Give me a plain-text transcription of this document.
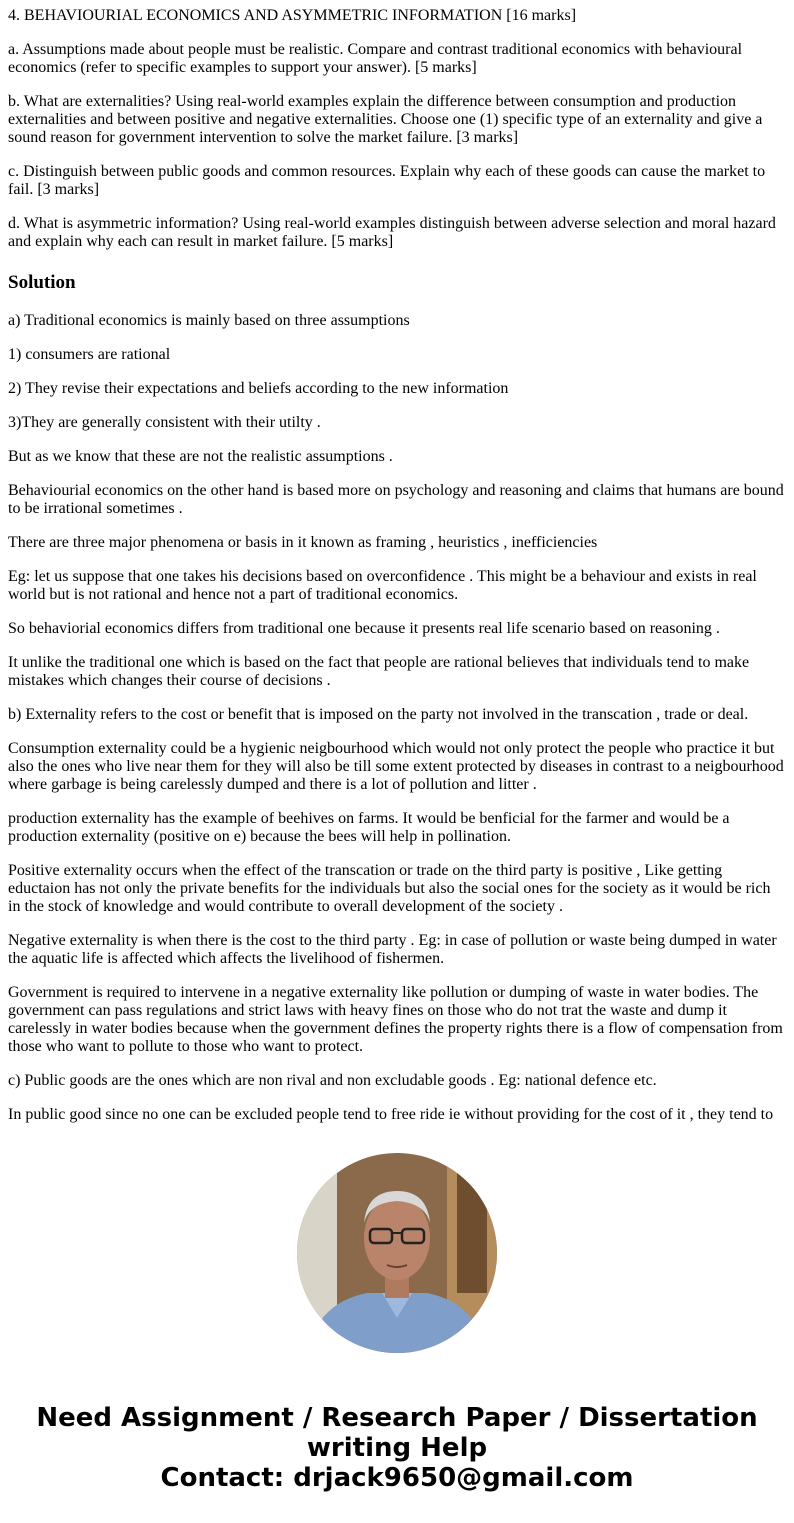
4. BEHAVIOURIAL ECONOMICS AND ASYMMETRIC INFORMATION [16 marks]

a. Assumptions made about people must be realistic. Compare and contrast traditional economics with behavioural economics (refer to specific examples to support your answer). [5 marks]

b. What are externalities? Using real-world examples explain the difference between consumption and production externalities and between positive and negative externalities. Choose one (1) specific type of an externality and give a sound reason for government intervention to solve the market failure. [3 marks]

c. Distinguish between public goods and common resources. Explain why each of these goods can cause the market to fail. [3 marks]

d. What is asymmetric information? Using real-world examples distinguish between adverse selection and moral hazard and explain why each can result in market failure. [5 marks]

Solution

a) Traditional economics is mainly based on three assumptions

1) consumers are rational

2) They revise their expectations and beliefs according to the new information

3)They are generally consistent with their utilty .

But as we know that these are not the realistic assumptions .

Behaviourial economics on the other hand is based more on psychology and reasoning and claims that humans are bound to be irrational sometimes .

There are three major phenomena or basis in it known as framing , heuristics , inefficiencies

Eg: let us suppose that one takes his decisions based on overconfidence . This might be a behaviour and exists in real world but is not rational and hence not a part of traditional economics.

So behaviorial economics differs from traditional one because it presents real life scenario based on reasoning .

It unlike the traditional one which is based on the fact that people are rational believes that individuals tend to make mistakes which changes their course of decisions .

b) Externality refers to the cost or benefit that is imposed on the party not involved in the transcation , trade or deal.

Consumption externality could be a hygienic neigbourhood which would not only protect the people who practice it but also the ones who live near them for they will also be till some extent protected by diseases in contrast to a neigbourhood where garbage is being carelessly dumped and there is a lot of pollution and litter .

production externality has the example of beehives on farms. It would be benficial for the farmer and would be a production externality (positive on e) because the bees will help in pollination.

Positive externality occurs when the effect of the transcation or trade on the third party is positive , Like getting eductaion has not only the private benefits for the individuals but also the social ones for the society as it would be rich in the stock of knowledge and would contribute to overall development of the society .

Negative externality is when there is the cost to the third party . Eg: in case of pollution or waste being dumped in water the aquatic life is affected which affects the livelihood of fishermen.

Government is required to intervene in a negative externality like pollution or dumping of waste in water bodies. The government can pass regulations and strict laws with heavy fines on those who do not trat the waste and dump it carelessly in water bodies because when the government defines the property rights there is a flow of compensation from those who want to pollute to those who want to protect.

c) Public goods are the ones which are non rival and non excludable goods . Eg: national defence etc.

In public good since no one can be excluded people tend to free ride ie without providing for the cost of it , they tend to

Need Assignment / Research Paper / Dissertation writing Help
Contact: drjack9650@gmail.com
